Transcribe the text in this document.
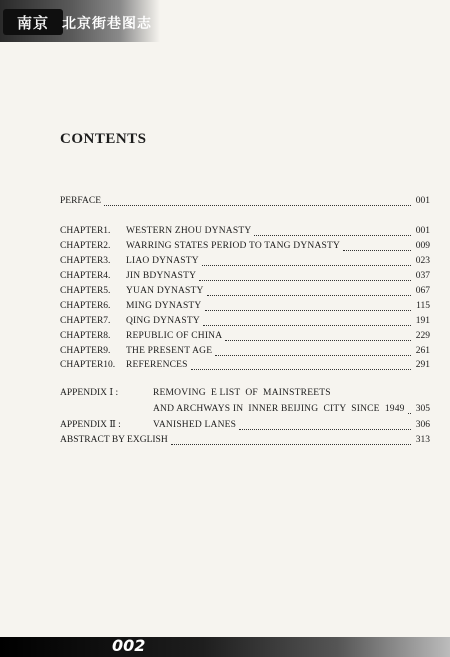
南京 北京街巷图志
CONTENTS
PERFACE	001
CHAPTER1.	WESTERN ZHOU DYNASTY	001
CHAPTER2.	WARRING STATES PERIOD TO TANG DYNASTY	009
CHAPTER3.	LIAO DYNASTY	023
CHAPTER4.	JIN BDYNASTY	037
CHAPTER5.	YUAN DYNASTY	067
CHAPTER6.	MING DYNASTY	115
CHAPTER7.	QING DYNASTY	191
CHAPTER8.	REPUBLIC OF CHINA	229
CHAPTER9.	THE PRESENT AGE	261
CHAPTER10.	REFERENCES	291
APPENDIX Ⅰ :	REMOVING  E LIST  OF  MAINSTREETS
AND ARCHWAYS IN  INNER BEIJING  CITY  SINCE  1949 305
APPENDIX Ⅱ :	VANISHED LANES	306
ABSTRACT BY EXGLISH	313
002
